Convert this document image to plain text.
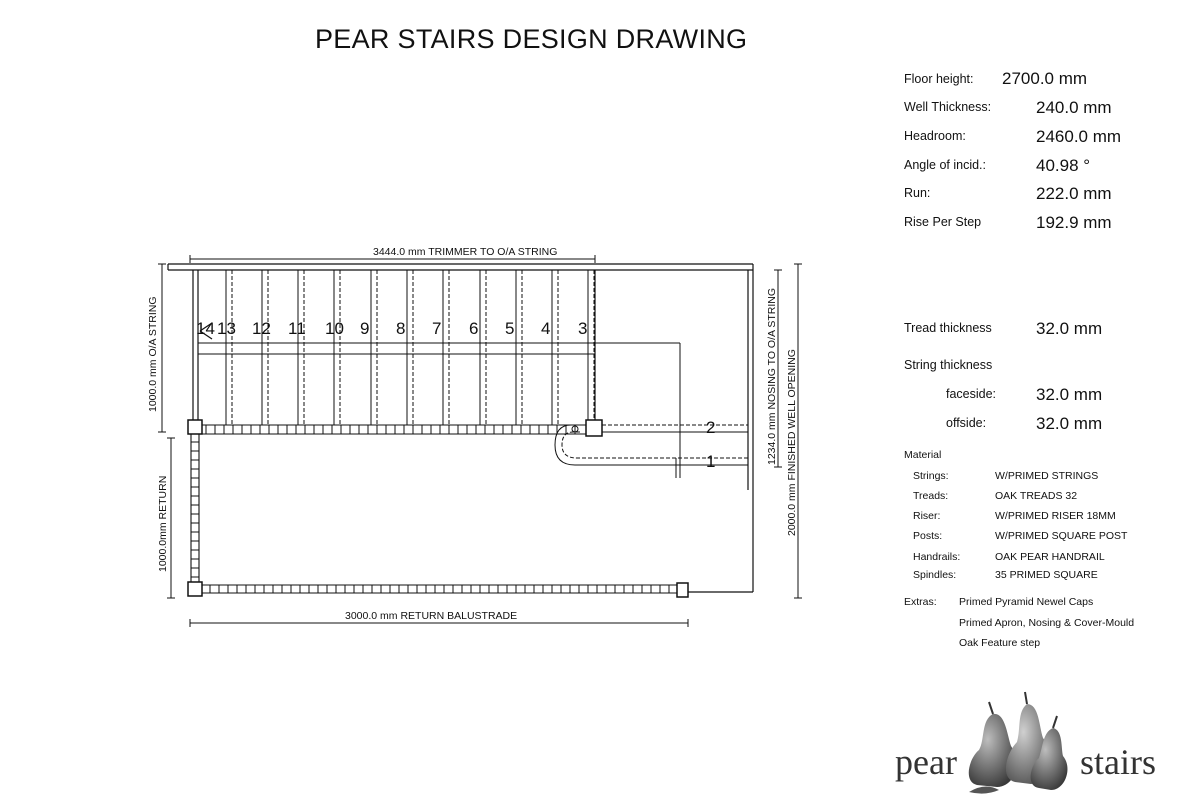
PEAR STAIRS DESIGN DRAWING
Floor height: 2700.0 mm
Well Thickness:	240.0 mm
Headroom:	2460.0 mm
Angle of incid.:	40.98 °
Run:	222.0 mm
Rise Per Step	192.9 mm
Tread thickness	32.0 mm
String thickness
faceside: 32.0 mm
offside:	32.0 mm
Material
Strings:	W/PRIMED STRINGS
Treads:	OAK TREADS 32
Riser:	W/PRIMED RISER 18MM
Posts:	W/PRIMED SQUARE POST
Handrails:	OAK PEAR HANDRAIL
Spindles:	35 PRIMED SQUARE
Extras: Primed Pyramid Newel Caps
Primed Apron, Nosing & Cover-Mould
Oak Feature step
14 13 12 11 10 9 8 7 6 5 4 3
2
1
3444.0 mm TRIMMER TO O/A STRING
1000.0 mm O/A STRING
1000.0mm RETURN
3000.0 mm RETURN BALUSTRADE
1234.0 mm NOSING TO O/A STRING 2000.0 mm FINISHED WELL OPENING
pear	stairs
